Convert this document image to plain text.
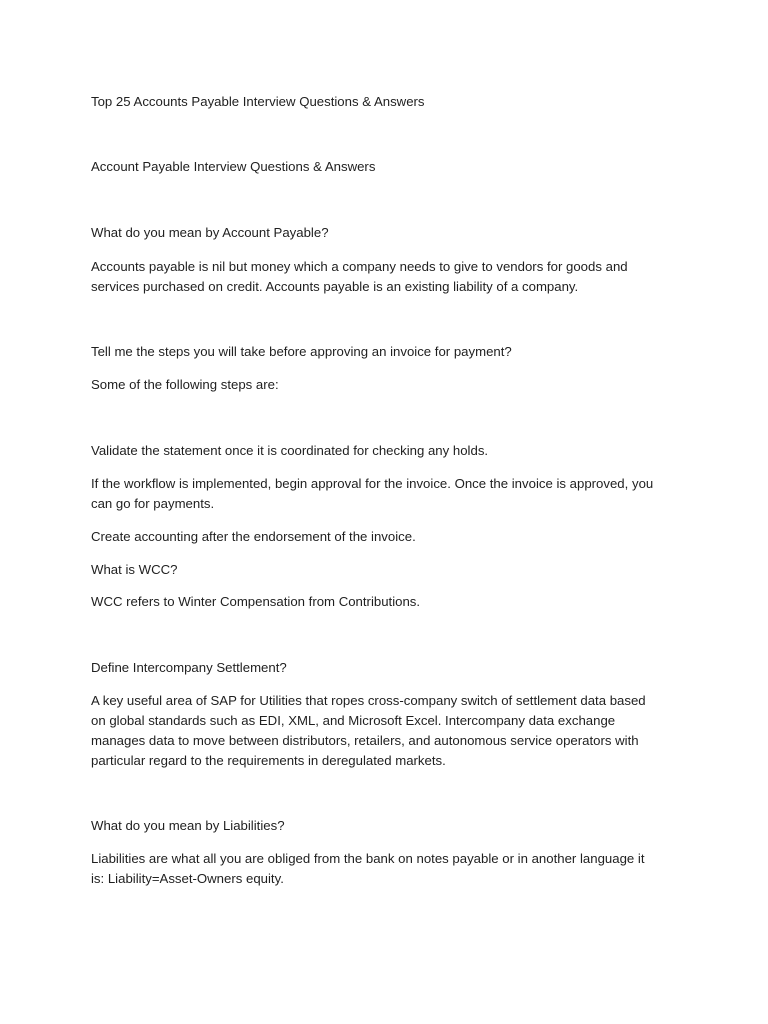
Top 25 Accounts Payable Interview Questions & Answers

Account Payable Interview Questions & Answers

What do you mean by Account Payable?

Accounts payable is nil but money which a company needs to give to vendors for goods and
services purchased on credit. Accounts payable is an existing liability of a company.

Tell me the steps you will take before approving an invoice for payment?

Some of the following steps are:

Validate the statement once it is coordinated for checking any holds.

If the workflow is implemented, begin approval for the invoice. Once the invoice is approved, you
can go for payments.

Create accounting after the endorsement of the invoice.

What is WCC?

WCC refers to Winter Compensation from Contributions.

Define Intercompany Settlement?

A key useful area of SAP for Utilities that ropes cross-company switch of settlement data based
on global standards such as EDI, XML, and Microsoft Excel. Intercompany data exchange
manages data to move between distributors, retailers, and autonomous service operators with
particular regard to the requirements in deregulated markets.

What do you mean by Liabilities?

Liabilities are what all you are obliged from the bank on notes payable or in another language it
is: Liability=Asset-Owners equity.
